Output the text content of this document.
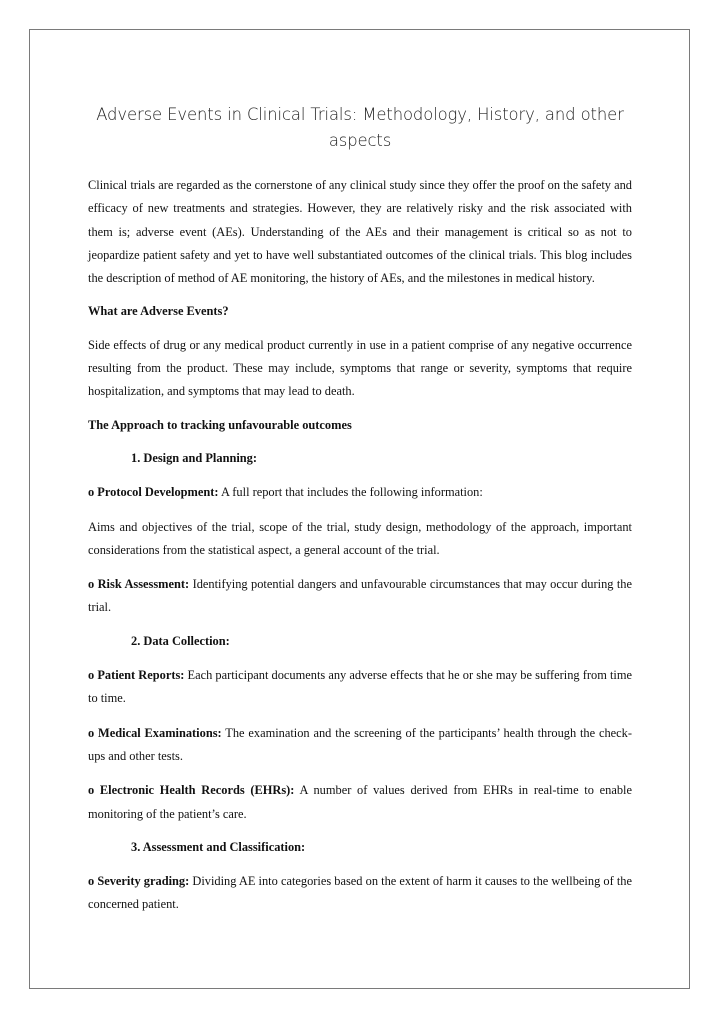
Adverse Events in Clinical Trials: Methodology, History, and other aspects

Clinical trials are regarded as the cornerstone of any clinical study since they offer the proof on the safety and efficacy of new treatments and strategies. However, they are relatively risky and the risk associated with them is; adverse event (AEs). Understanding of the AEs and their management is critical so as not to jeopardize patient safety and yet to have well substantiated outcomes of the clinical trials. This blog includes the description of method of AE monitoring, the history of AEs, and the milestones in medical history.

What are Adverse Events?

Side effects of drug or any medical product currently in use in a patient comprise of any negative occurrence resulting from the product. These may include, symptoms that range or severity, symptoms that require hospitalization, and symptoms that may lead to death.

The Approach to tracking unfavourable outcomes

1. Design and Planning:

o Protocol Development: A full report that includes the following information:

Aims and objectives of the trial, scope of the trial, study design, methodology of the approach, important considerations from the statistical aspect, a general account of the trial.

o Risk Assessment: Identifying potential dangers and unfavourable circumstances that may occur during the trial.

2. Data Collection:

o Patient Reports: Each participant documents any adverse effects that he or she may be suffering from time to time.

o Medical Examinations: The examination and the screening of the participants’ health through the check-ups and other tests.

o Electronic Health Records (EHRs): A number of values derived from EHRs in real-time to enable monitoring of the patient’s care.

3. Assessment and Classification:

o Severity grading: Dividing AE into categories based on the extent of harm it causes to the wellbeing of the concerned patient.
